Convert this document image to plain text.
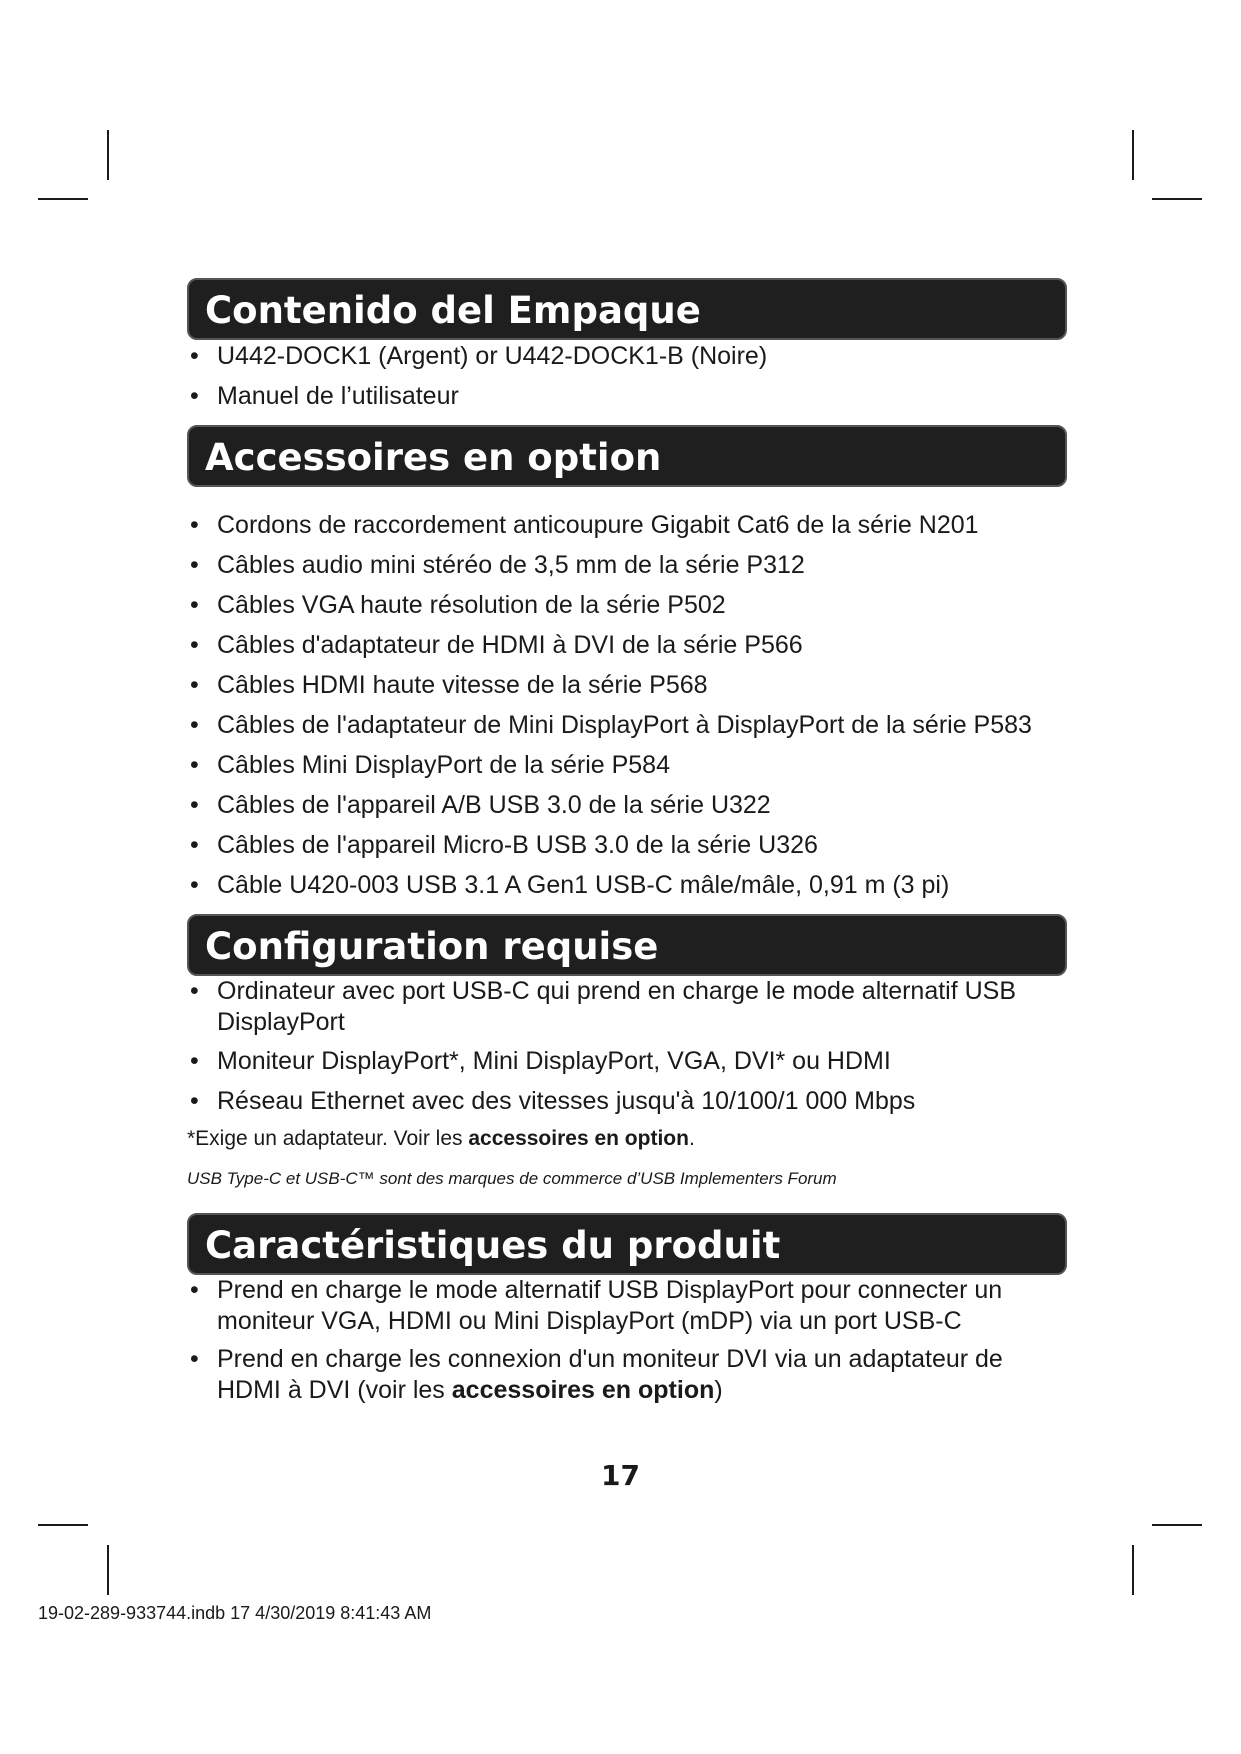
Contenido del Empaque
• U442-DOCK1 (Argent) or U442-DOCK1-B (Noire)
• Manuel de l’utilisateur
Accessoires en option
• Cordons de raccordement anticoupure Gigabit Cat6 de la série N201
• Câbles audio mini stéréo de 3,5 mm de la série P312
• Câbles VGA haute résolution de la série P502
• Câbles d'adaptateur de HDMI à DVI de la série P566
• Câbles HDMI haute vitesse de la série P568
• Câbles de l'adaptateur de Mini DisplayPort à DisplayPort de la série P583
• Câbles Mini DisplayPort de la série P584
• Câbles de l'appareil A/B USB 3.0 de la série U322
• Câbles de l'appareil Micro-B USB 3.0 de la série U326
• Câble U420-003 USB 3.1 A Gen1 USB-C mâle/mâle, 0,91 m (3 pi)
Configuration requise
• Ordinateur avec port USB-C qui prend en charge le mode alternatif USB DisplayPort
• Moniteur DisplayPort*, Mini DisplayPort, VGA, DVI* ou HDMI
• Réseau Ethernet avec des vitesses jusqu'à 10/100/1 000 Mbps
*Exige un adaptateur. Voir les accessoires en option.
USB Type-C et USB-C™ sont des marques de commerce d’USB Implementers Forum
Caractéristiques du produit
• Prend en charge le mode alternatif USB DisplayPort pour connecter un moniteur VGA, HDMI ou Mini DisplayPort (mDP) via un port USB-C
• Prend en charge les connexion d'un moniteur DVI via un adaptateur de HDMI à DVI (voir les accessoires en option)
17
19-02-289-933744.indb 17 4/30/2019 8:41:43 AM
